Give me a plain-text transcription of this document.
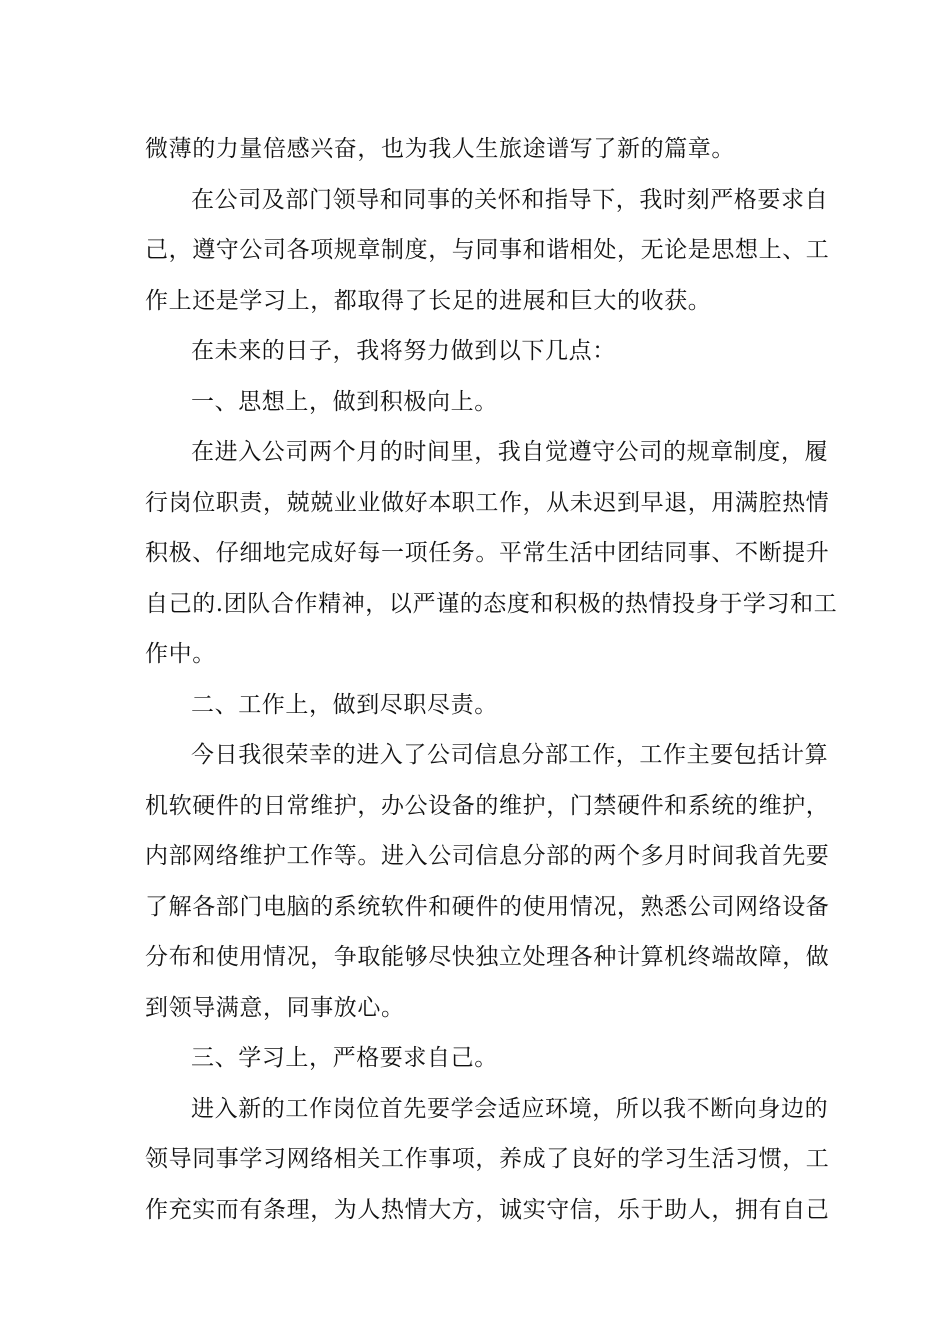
微薄的力量倍感兴奋，也为我人生旅途谱写了新的篇章。
在公司及部门领导和同事的关怀和指导下，我时刻严格要求自
己，遵守公司各项规章制度，与同事和谐相处，无论是思想上、工
作上还是学习上，都取得了长足的进展和巨大的收获。
在未来的日子，我将努力做到以下几点：
一、思想上，做到积极向上。
在进入公司两个月的时间里，我自觉遵守公司的规章制度，履
行岗位职责，兢兢业业做好本职工作，从未迟到早退，用满腔热情
积极、仔细地完成好每一项任务。平常生活中团结同事、不断提升
自己的.团队合作精神，以严谨的态度和积极的热情投身于学习和工
作中。
二、工作上，做到尽职尽责。
今日我很荣幸的进入了公司信息分部工作，工作主要包括计算
机软硬件的日常维护，办公设备的维护，门禁硬件和系统的维护，
内部网络维护工作等。进入公司信息分部的两个多月时间我首先要
了解各部门电脑的系统软件和硬件的使用情况，熟悉公司网络设备
分布和使用情况，争取能够尽快独立处理各种计算机终端故障，做
到领导满意，同事放心。
三、学习上，严格要求自己。
进入新的工作岗位首先要学会适应环境，所以我不断向身边的
领导同事学习网络相关工作事项，养成了良好的学习生活习惯，工
作充实而有条理，为人热情大方，诚实守信，乐于助人，拥有自己
